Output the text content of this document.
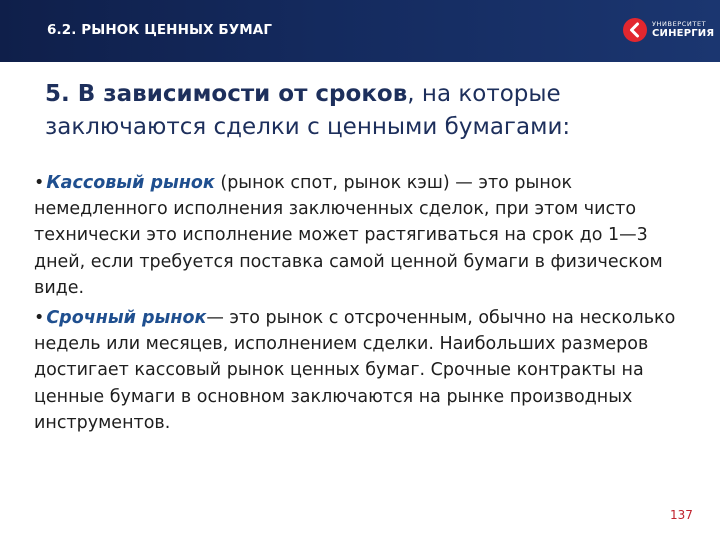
6.2. РЫНОК ЦЕННЫХ БУМАГ	УНИВЕРСИТЕТ
СИНЕРГИЯ
5. В зависимости от сроков, на которые заключаются сделки с ценными бумагами:
• Кассовый рынок (рынок спот, рынок кэш) — это рынок немедленного исполнения заключенных сделок, при этом чисто технически это исполнение может растягиваться на срок до 1—3 дней, если требуется поставка самой ценной бумаги в физическом виде.
• Срочный рынок— это рынок с отсроченным, обычно на несколько недель или месяцев, исполнением сделки. Наибольших размеров достигает кассовый рынок ценных бумаг. Срочные контракты на ценные бумаги в основном заключаются на рынке производных инструментов.
137
